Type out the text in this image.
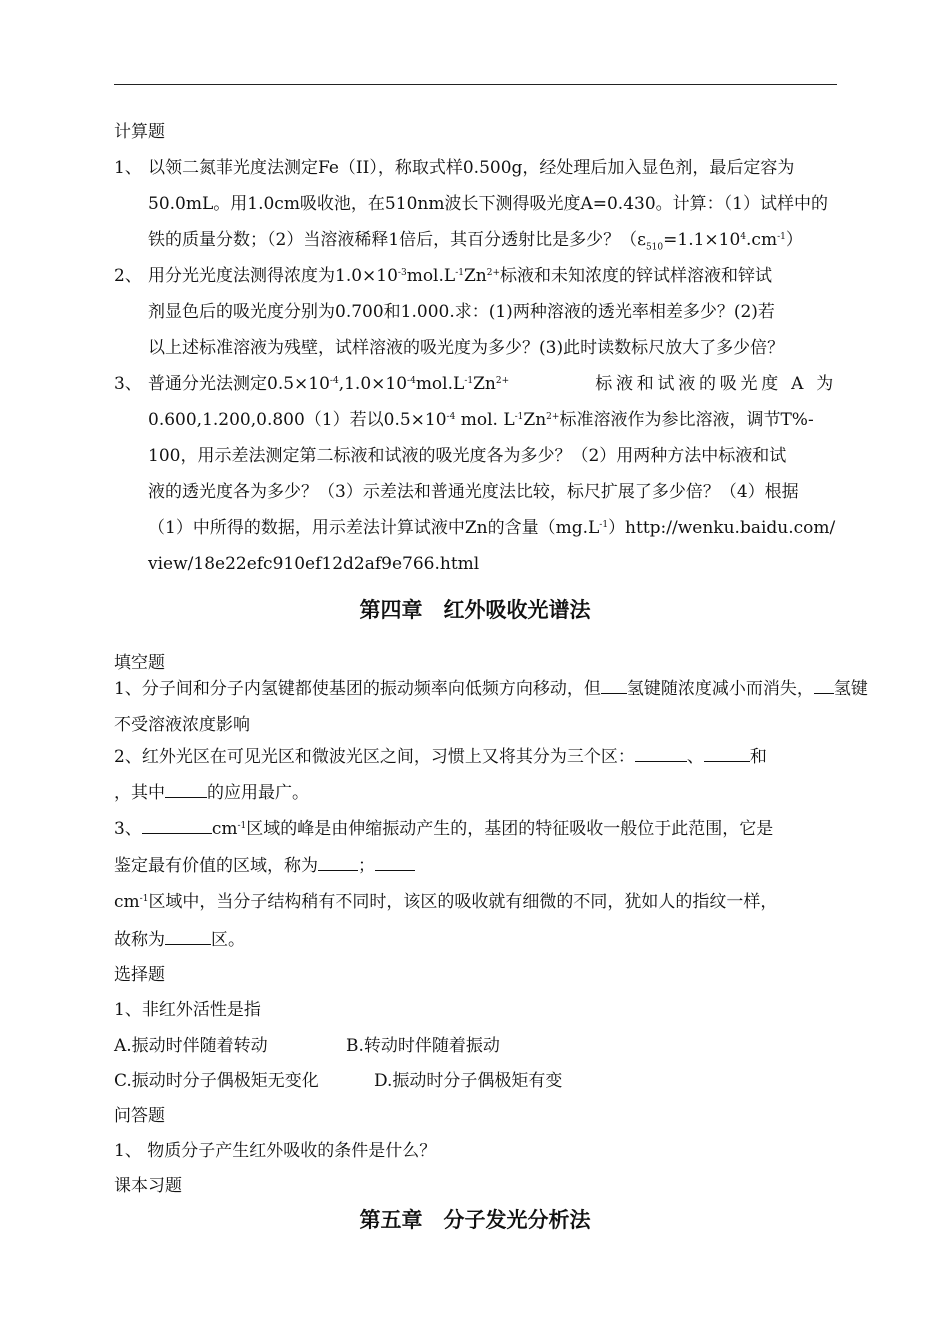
计算题
1、 以领二氮菲光度法测定Fe（II），称取式样0.500g，经处理后加入显色剂，最后定容为
50.0mL。用1.0cm吸收池，在510nm波长下测得吸光度A=0.430。计算：（1）试样中的
铁的质量分数；（2）当溶液稀释1倍后，其百分透射比是多少？$(\varepsilon_{510}=1.1\times 10^4.cm^{-1})$
2、 用分光光度法测得浓度为$1.0\times 10^{-3}mol.L^{-1}Zn^{2+}$标液和未知浓度的锌试样溶液和锌试
剂显色后的吸光度分别为0.700和1.000.求：(1)两种溶液的透光率相差多少？(2)若
以上述标准溶液为残壁，试样溶液的吸光度为多少？(3)此时读数标尺放大了多少倍？
3、 普通分光法测定0.5×10 $^{-4},1.0\times 10^{-4}mol.L^{-1}Zn^{2+}$	标液和试液的吸光度 A 为
0.600,1.200,0.800（1）若以$0.5\times 10^{-4}$ mol. $L^{-1}Zn^{2+}$标准溶液作为参比溶液，调节T%-
100，用示差法测定第二标液和试液的吸光度各为多少？（2）用两种方法中标液和试
液的透光度各为多少？（3）示差法和普通光度法比较，标尺扩展了多少倍？（4）根据
（1）中所得的数据，用示差法计算试液中Zn的含量$(mg.L^{-1})http://wenku.baidu.com/$
view/18e22efc910ef12d2af9e766.html
第四章　红外吸收光谱法
填空题
1、分子间和分子内氢键都使基团的振动频率向低频方向移动，但 氢键随浓度减小而消失， 氢键
不受溶液浓度影响
2、红外光区在可见光区和微波光区之间，习惯上又将其分为三个区：	、	和
，其中 的应用最广。
3、	$cm^{-1}$区域的峰是由伸缩振动产生的，基团的特征吸收一般位于此范围，它是
鉴定最有价值的区域，称为 ；
$cm^{-1}$区域中，当分子结构稍有不同时，该区的吸收就有细微的不同，犹如人的指纹一样，
故称为	区。
选择题
1、非红外活性是指
A.振动时伴随着转动	B.转动时伴随着振动
C.振动时分子偶极矩无变化	D.振动时分子偶极矩有变
问答题
1、 物质分子产生红外吸收的条件是什么？
课本习题
第五章　分子发光分析法
